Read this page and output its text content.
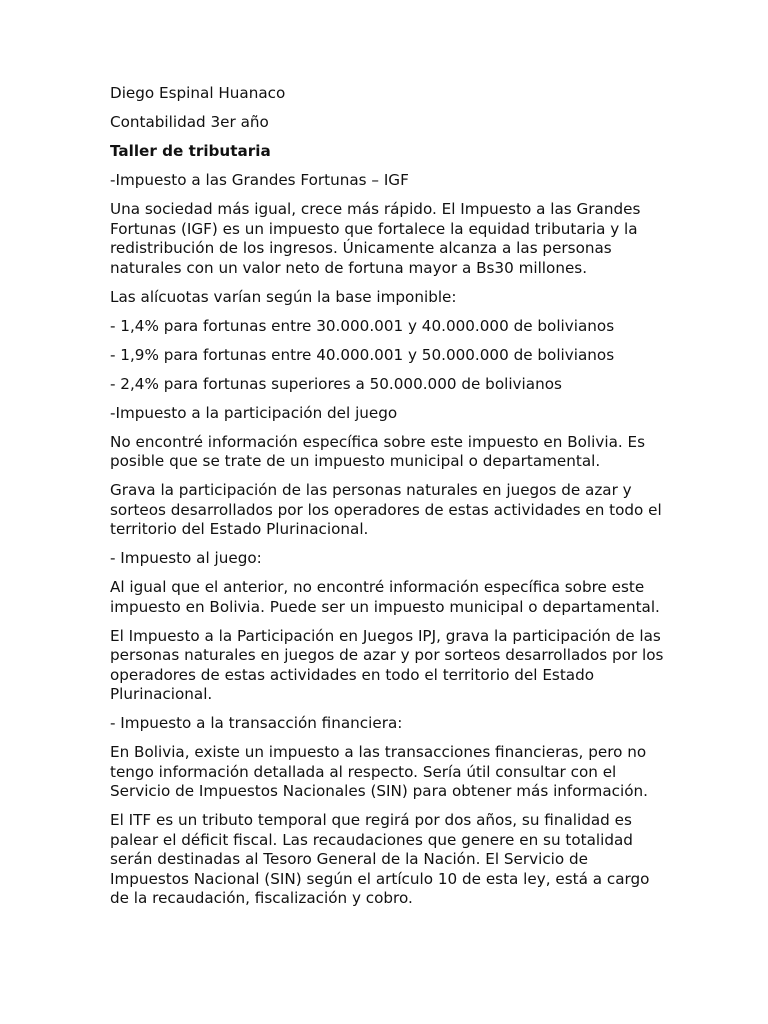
Diego Espinal Huanaco

Contabilidad 3er año

Taller de tributaria

-Impuesto a las Grandes Fortunas – IGF

Una sociedad más igual, crece más rápido. El Impuesto a las Grandes Fortunas (IGF) es un impuesto que fortalece la equidad tributaria y la redistribución de los ingresos. Únicamente alcanza a las personas naturales con un valor neto de fortuna mayor a Bs30 millones.

Las alícuotas varían según la base imponible:

- 1,4% para fortunas entre 30.000.001 y 40.000.000 de bolivianos

- 1,9% para fortunas entre 40.000.001 y 50.000.000 de bolivianos

- 2,4% para fortunas superiores a 50.000.000 de bolivianos

-Impuesto a la participación del juego

No encontré información específica sobre este impuesto en Bolivia. Es posible que se trate de un impuesto municipal o departamental.

Grava la participación de las personas naturales en juegos de azar y sorteos desarrollados por los operadores de estas actividades en todo el territorio del Estado Plurinacional.

- Impuesto al juego:

Al igual que el anterior, no encontré información específica sobre este impuesto en Bolivia. Puede ser un impuesto municipal o departamental.

El Impuesto a la Participación en Juegos IPJ, grava la participación de las personas naturales en juegos de azar y por sorteos desarrollados por los operadores de estas actividades en todo el territorio del Estado Plurinacional.

- Impuesto a la transacción financiera:

En Bolivia, existe un impuesto a las transacciones financieras, pero no tengo información detallada al respecto. Sería útil consultar con el Servicio de Impuestos Nacionales (SIN) para obtener más información.

El ITF es un tributo temporal que regirá por dos años, su finalidad es palear el déficit fiscal. Las recaudaciones que genere en su totalidad serán destinadas al Tesoro General de la Nación. El Servicio de Impuestos Nacional (SIN) según el artículo 10 de esta ley, está a cargo de la recaudación, fiscalización y cobro.
